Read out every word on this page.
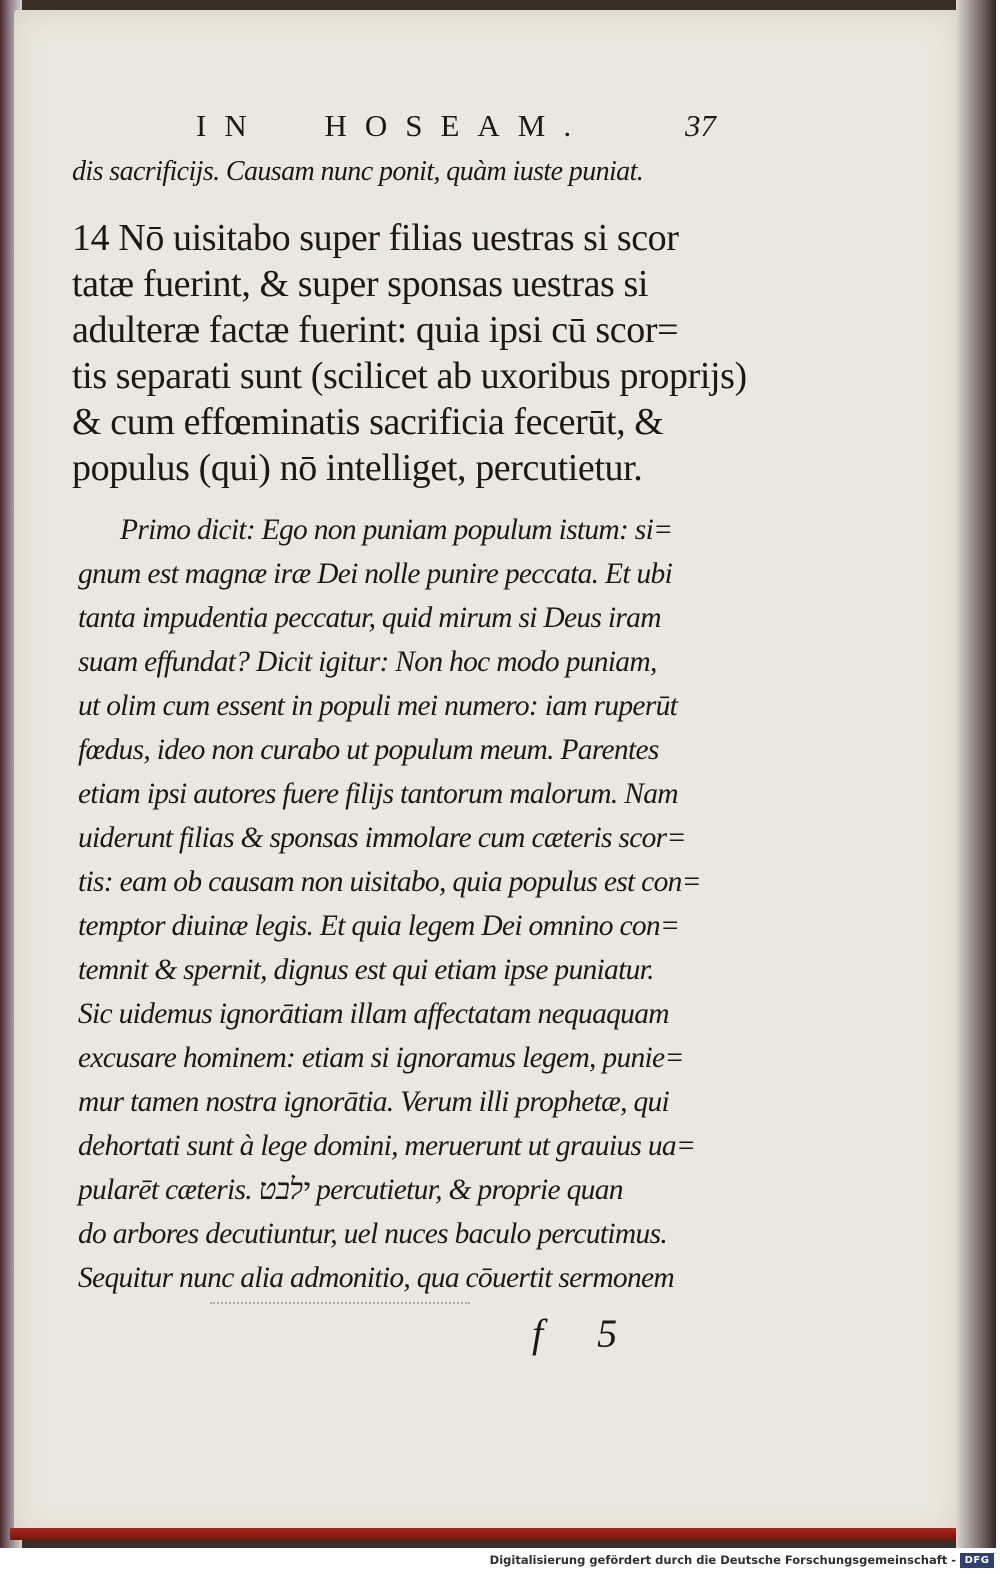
IN HOSEAM.	37
dis sacrificijs. Causam nunc ponit, quàm iuste puniat.
14 Nō uisitabo super filias uestras si scor
tatæ fuerint, & super sponsas uestras si
adulteræ factæ fuerint: quia ipsi cū scor=
tis separati sunt (scilicet ab uxoribus proprijs)
& cum effœminatis sacrificia fecerūt, &
populus (qui) nō intelliget, percutietur.
Primo dicit: Ego non puniam populum istum: si=
gnum est magnæ iræ Dei nolle punire peccata. Et ubi
tanta impudentia peccatur, quid mirum si Deus iram
suam effundat? Dicit igitur: Non hoc modo puniam,
ut olim cum essent in populi mei numero: iam ruperūt
fœdus, ideo non curabo ut populum meum. Parentes
etiam ipsi autores fuere filijs tantorum malorum. Nam
uiderunt filias & sponsas immolare cum cæteris scor=
tis: eam ob causam non uisitabo, quia populus est con=
temptor diuinæ legis. Et quia legem Dei omnino con=
temnit & spernit, dignus est qui etiam ipse puniatur.
Sic uidemus ignorātiam illam affectatam nequaquam
excusare hominem: etiam si ignoramus legem, punie=
mur tamen nostra ignorātia. Verum illi prophetæ, qui
dehortati sunt à lege domini, meruerunt ut grauius ua=
pularēt cæteris. ילבט percutietur, & proprie quan
do arbores decutiuntur, uel nuces baculo percutimus.
Sequitur nunc alia admonitio, qua cōuertit sermonem
f 5
Digitalisierung gefördert durch die Deutsche Forschungsgemeinschaft - DFG
